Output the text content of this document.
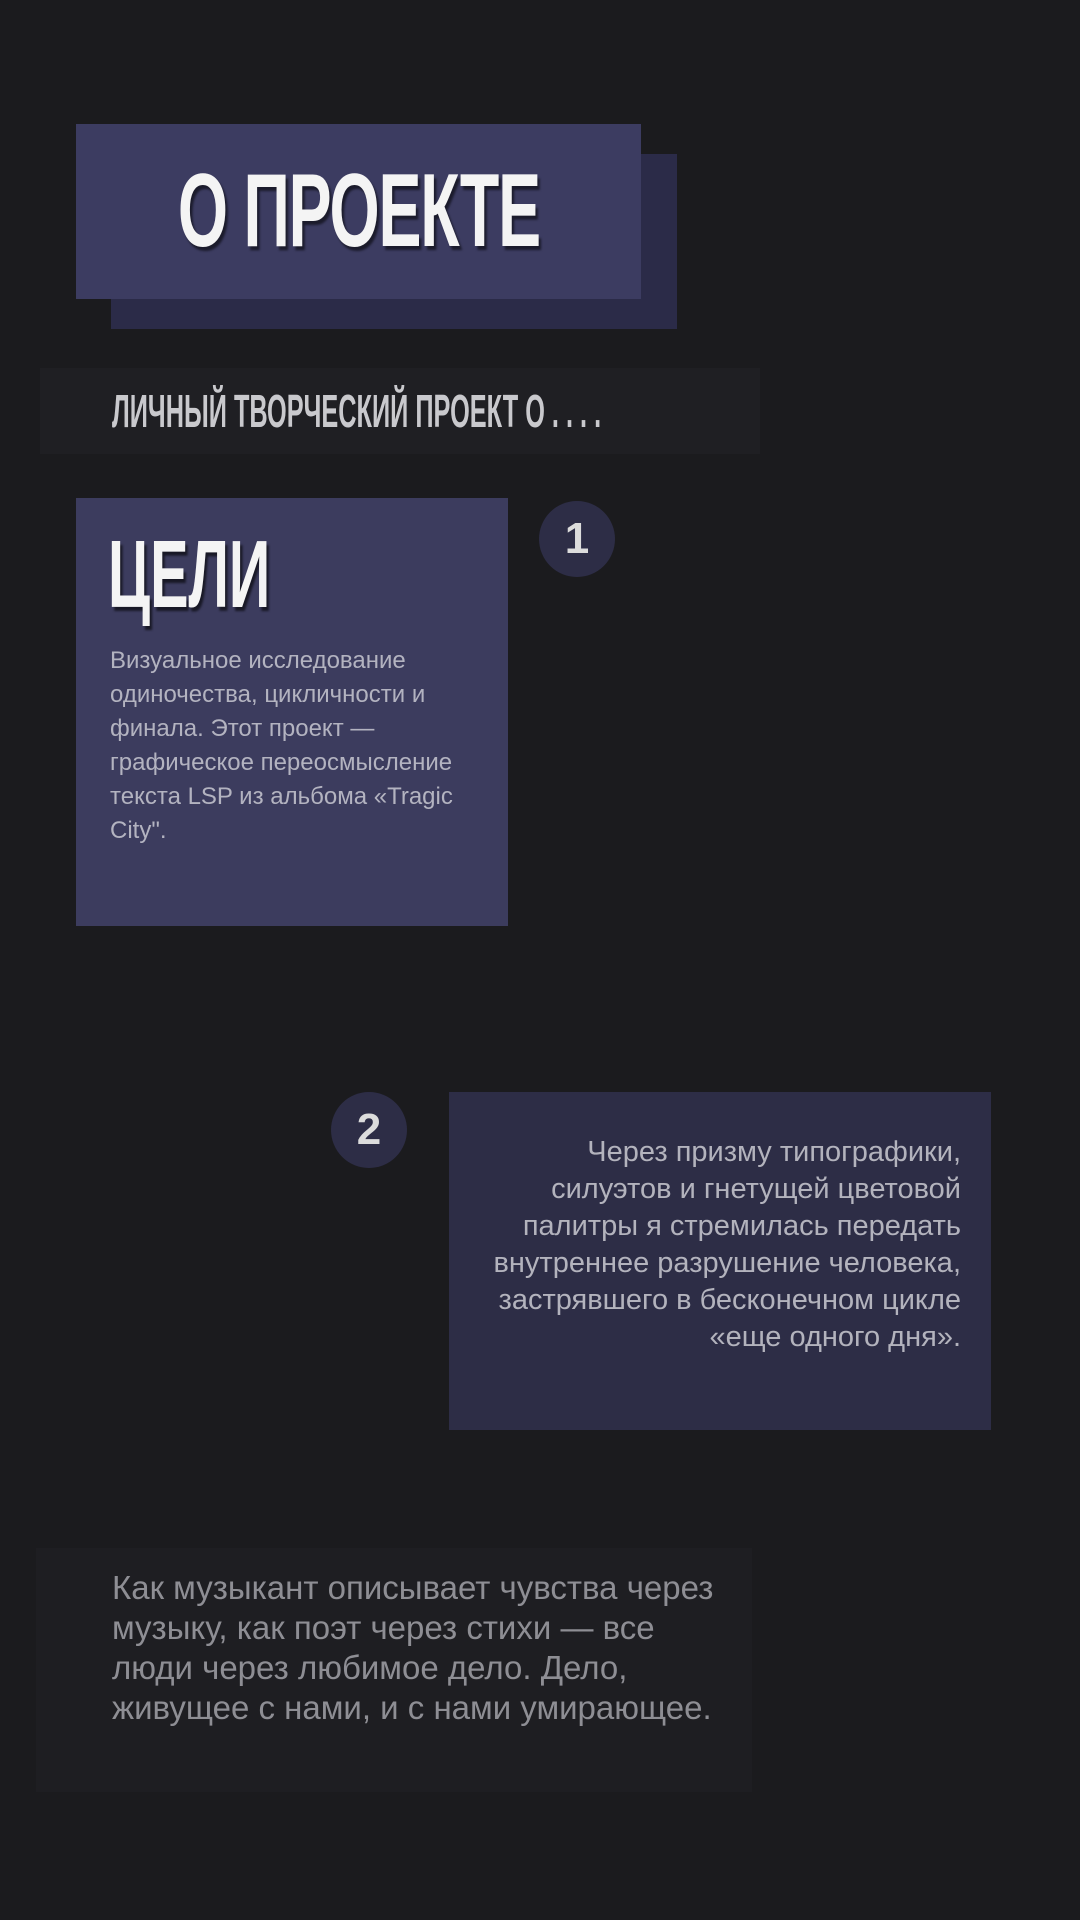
О ПРОЕКТЕ
ЛИЧНЫЙ ТВОРЧЕСКИЙ ПРОЕКТ О . . . .
ЦЕЛИ
Визуальное исследование одиночества, цикличности и финала. Этот проект — графическое переосмысление текста LSP из альбома «Tragic City".
1
2	Через призму типографики, силуэтов и гнетущей цветовой палитры я стремилась передать внутреннее разрушение человека, застрявшего в бесконечном цикле «еще одного дня».
Как музыкант описывает чувства через музыку, как поэт через стихи — все люди через любимое дело. Дело, живущее с нами, и с нами умирающее.
